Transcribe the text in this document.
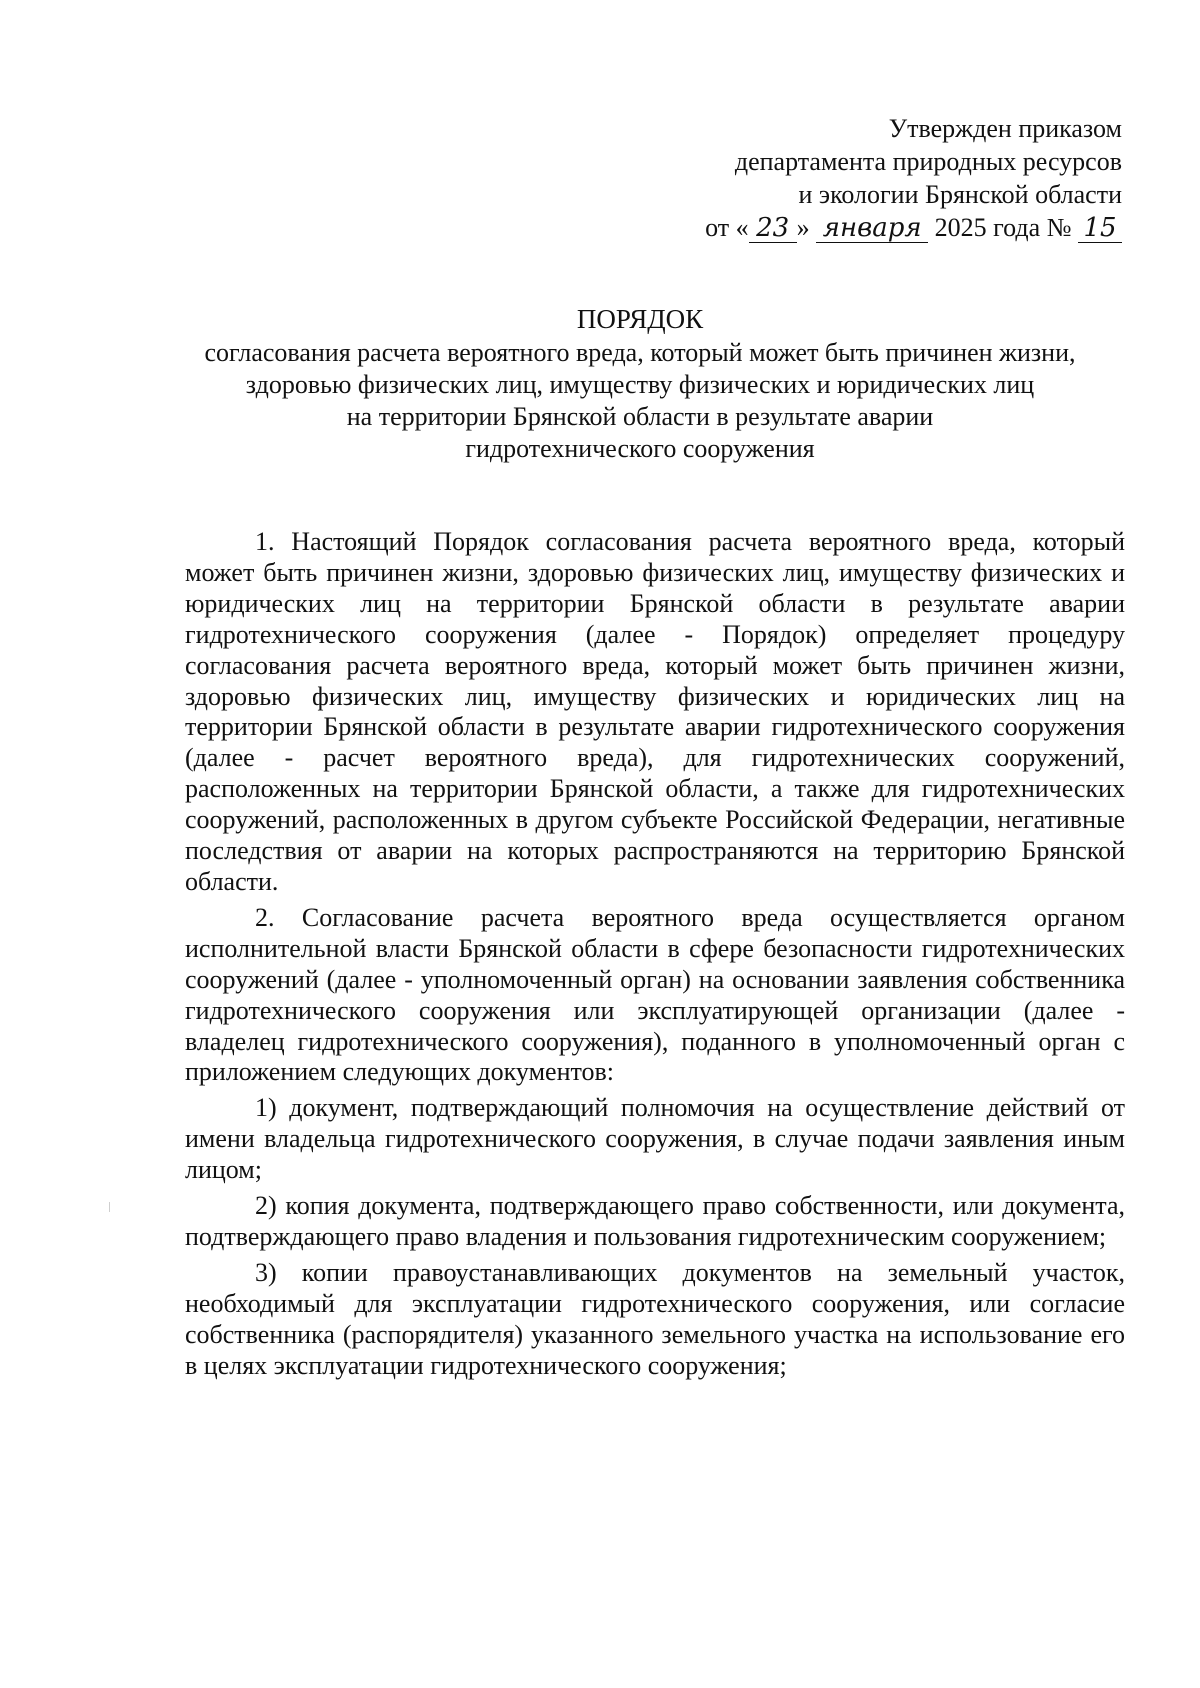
Утвержден приказом
департамента природных ресурсов
и экологии Брянской области
от « 23 » января 2025 года № 15
ПОРЯДОК
согласования расчета вероятного вреда, который может быть причинен жизни,
здоровью физических лиц, имуществу физических и юридических лиц
на территории Брянской области в результате аварии
гидротехнического сооружения

1. Настоящий Порядок согласования расчета вероятного вреда, который может быть причинен жизни, здоровью физических лиц, имуществу физических и юридических лиц на территории Брянской области в результате аварии гидротехнического сооружения (далее - Порядок) определяет процедуру согласования расчета вероятного вреда, который может быть причинен жизни, здоровью физических лиц, имуществу физических и юридических лиц на территории Брянской области в результате аварии гидротехнического сооружения (далее - расчет вероятного вреда), для гидротехнических сооружений, расположенных на территории Брянской области, а также для гидротехнических сооружений, расположенных в другом субъекте Российской Федерации, негативные последствия от аварии на которых распространяются на территорию Брянской области.

2. Согласование расчета вероятного вреда осуществляется органом исполнительной власти Брянской области в сфере безопасности гидротехнических сооружений (далее - уполномоченный орган) на основании заявления собственника гидротехнического сооружения или эксплуатирующей организации (далее - владелец гидротехнического сооружения), поданного в уполномоченный орган с приложением следующих документов:

1) документ, подтверждающий полномочия на осуществление действий от имени владельца гидротехнического сооружения, в случае подачи заявления иным лицом;

2) копия документа, подтверждающего право собственности, или документа, подтверждающего право владения и пользования гидротехническим сооружением;

3) копии правоустанавливающих документов на земельный участок, необходимый для эксплуатации гидротехнического сооружения, или согласие собственника (распорядителя) указанного земельного участка на использование его в целях эксплуатации гидротехнического сооружения;
